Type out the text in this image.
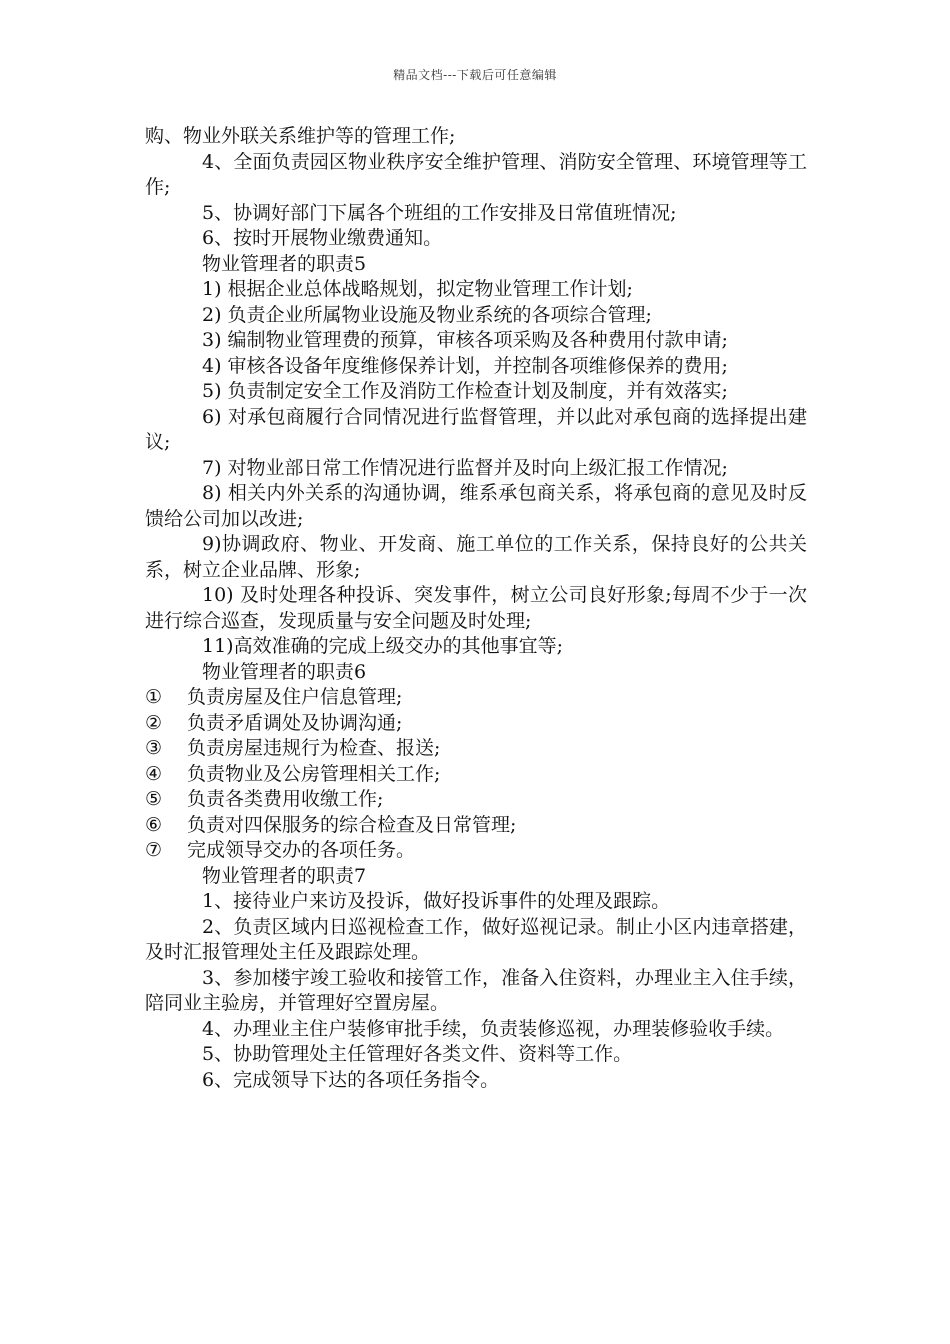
精品文档---下载后可任意编辑

购、物业外联关系维护等的管理工作;

4、全面负责园区物业秩序安全维护管理、消防安全管理、环境管理等工作;

5、协调好部门下属各个班组的工作安排及日常值班情况;

6、按时开展物业缴费通知。

物业管理者的职责5

1) 根据企业总体战略规划，拟定物业管理工作计划;

2) 负责企业所属物业设施及物业系统的各项综合管理;

3) 编制物业管理费的预算，审核各项采购及各种费用付款申请;

4) 审核各设备年度维修保养计划，并控制各项维修保养的费用;

5) 负责制定安全工作及消防工作检查计划及制度，并有效落实;

6) 对承包商履行合同情况进行监督管理，并以此对承包商的选择提出建议;

7) 对物业部日常工作情况进行监督并及时向上级汇报工作情况;

8) 相关内外关系的沟通协调，维系承包商关系，将承包商的意见及时反馈给公司加以改进;

9)协调政府、物业、开发商、施工单位的工作关系，保持良好的公共关系，树立企业品牌、形象;

10) 及时处理各种投诉、突发事件，树立公司良好形象;每周不少于一次进行综合巡查，发现质量与安全问题及时处理;

11)高效准确的完成上级交办的其他事宜等;

物业管理者的职责6

① 负责房屋及住户信息管理;

② 负责矛盾调处及协调沟通;

③ 负责房屋违规行为检查、报送;

④ 负责物业及公房管理相关工作;

⑤ 负责各类费用收缴工作;

⑥ 负责对四保服务的综合检查及日常管理;

⑦ 完成领导交办的各项任务。

物业管理者的职责7

1、接待业户来访及投诉，做好投诉事件的处理及跟踪。

2、负责区域内日巡视检查工作，做好巡视记录。制止小区内违章搭建，及时汇报管理处主任及跟踪处理。

3、参加楼宇竣工验收和接管工作，准备入住资料，办理业主入住手续，陪同业主验房，并管理好空置房屋。

4、办理业主住户装修审批手续，负责装修巡视，办理装修验收手续。

5、协助管理处主任管理好各类文件、资料等工作。

6、完成领导下达的各项任务指令。
